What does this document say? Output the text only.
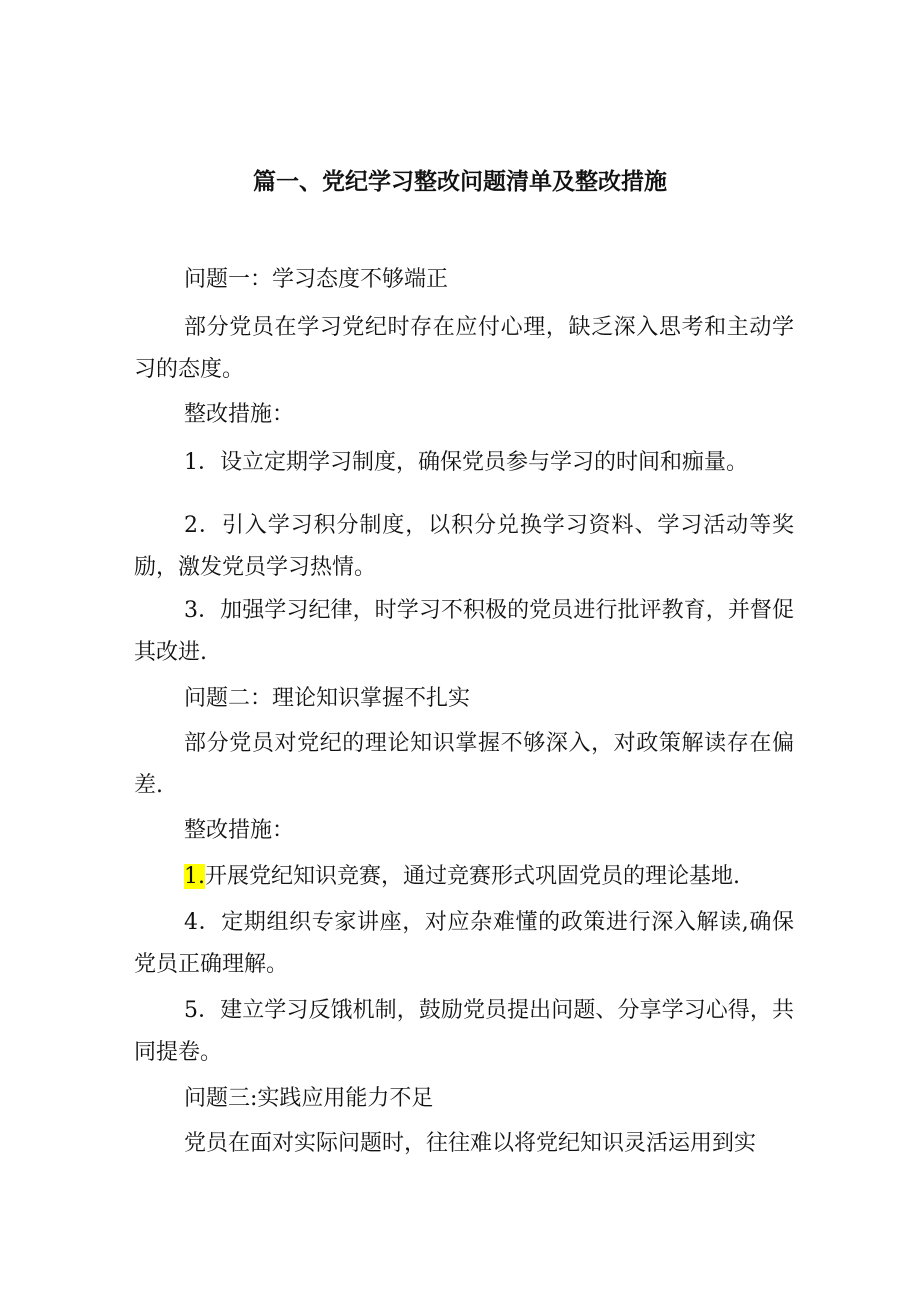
篇一、党纪学习整改问题清单及整改措施

问题一：学习态度不够端正

部分党员在学习党纪时存在应付心理，缺乏深入思考和主动学习的态度。

整改措施：

1．设立定期学习制度，确保党员参与学习的时间和痂量。

2．引入学习积分制度，以积分兑换学习资料、学习活动等奖励，激发党员学习热情。

3．加强学习纪律，时学习不积极的党员进行批评教育，并督促其改进.

问题二：理论知识掌握不扎实

部分党员对党纪的理论知识掌握不够深入，对政策解读存在偏差.

整改措施：

1.开展党纪知识竞赛，通过竞赛形式巩固党员的理论基地.

4．定期组织专家讲座，对应杂难懂的政策进行深入解读,确保党员正确理解。

5．建立学习反饿机制，鼓励党员提出问题、分享学习心得，共同提卷。

问题三:实践应用能力不足

党员在面对实际问题时，往往难以将党纪知识灵活运用到实
